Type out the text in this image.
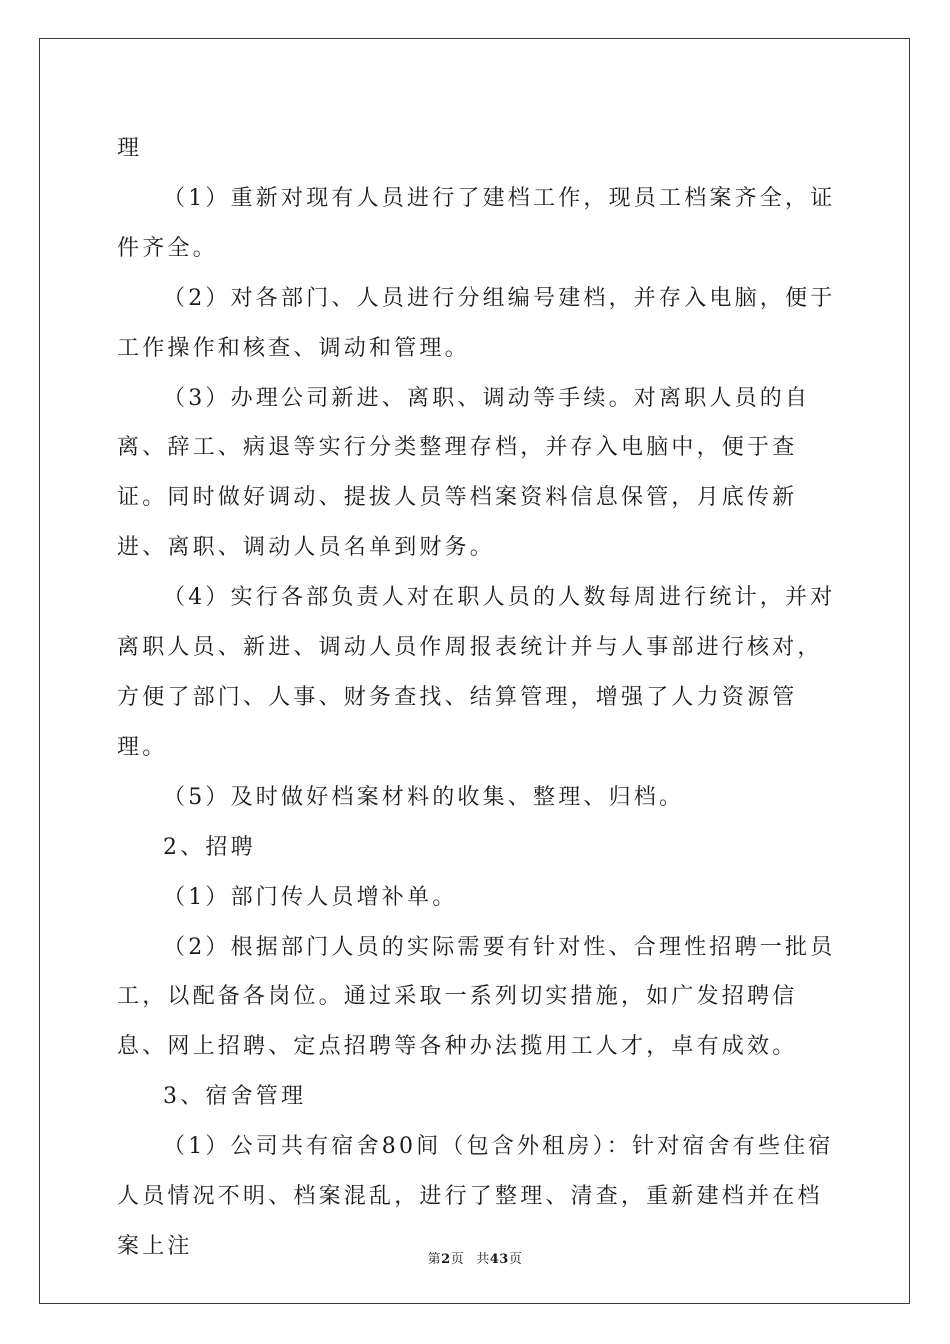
理

（1）重新对现有人员进行了建档工作，现员工档案齐全，证件齐全。

（2）对各部门、人员进行分组编号建档，并存入电脑，便于工作操作和核查、调动和管理。

（3）办理公司新进、离职、调动等手续。对离职人员的自离、辞工、病退等实行分类整理存档，并存入电脑中，便于查证。同时做好调动、提拔人员等档案资料信息保管，月底传新进、离职、调动人员名单到财务。

（4）实行各部负责人对在职人员的人数每周进行统计，并对离职人员、新进、调动人员作周报表统计并与人事部进行核对，方便了部门、人事、财务查找、结算管理，增强了人力资源管理。

（5）及时做好档案材料的收集、整理、归档。

2、招聘

（1）部门传人员增补单。

（2）根据部门人员的实际需要有针对性、合理性招聘一批员工，以配备各岗位。通过采取一系列切实措施，如广发招聘信息、网上招聘、定点招聘等各种办法揽用工人才，卓有成效。

3、宿舍管理

（1）公司共有宿舍80间（包含外租房）：针对宿舍有些住宿人员情况不明、档案混乱，进行了整理、清查，重新建档并在档案上注

第2页 共43页
